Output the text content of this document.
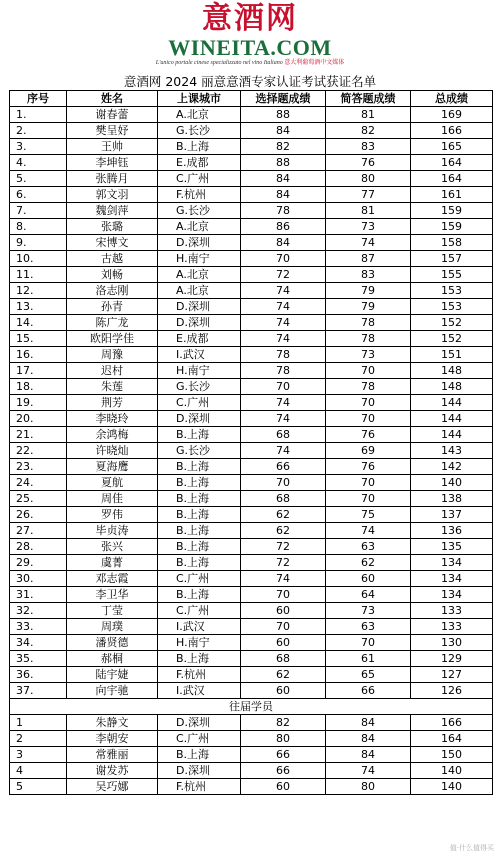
意酒网
WINEITA.COM
L'unico portale cinese specializzato nel vino Italiano 意大利葡萄酒中文媒体
意酒网 2024 丽意意酒专家认证考试获证名单
序号	姓名	上课城市	选择题成绩	简答题成绩	总成绩
1.	谢春蕾	A.北京	88	81	169
2.	樊呈妤	G.长沙	84	82	166
3.	王帅	B.上海	82	83	165
4.	李坤钰	E.成都	88	76	164
5.	张腾月	C.广州	84	80	164
6.	郭文羽	F.杭州	84	77	161
7.	魏剑萍	G.长沙	78	81	159
8.	张璐	A.北京	86	73	159
9.	宋博文	D.深圳	84	74	158
10.	古越	H.南宁	70	87	157
11.	刘畅	A.北京	72	83	155
12.	洛志刚	A.北京	74	79	153
13.	孙青	D.深圳	74	79	153
14.	陈广龙	D.深圳	74	78	152
15.	欧阳学佳	E.成都	74	78	152
16.	周豫	I.武汉	78	73	151
17.	迟村	H.南宁	78	70	148
18.	朱莲	G.长沙	70	78	148
19.	荆芳	C.广州	74	70	144
20.	李晓玲	D.深圳	74	70	144
21.	余鸿梅	B.上海	68	76	144
22.	许晓灿	G.长沙	74	69	143
23.	夏海鹰	B.上海	66	76	142
24.	夏航	B.上海	70	70	140
25.	周佳	B.上海	68	70	138
26.	罗伟	B.上海	62	75	137
27.	毕贞涛	B.上海	62	74	136
28.	张兴	B.上海	72	63	135
29.	虞菁	B.上海	72	62	134
30.	邓志霞	C.广州	74	60	134
31.	李卫华	B.上海	70	64	134
32.	丁莹	C.广州	60	73	133
33.	周璞	I.武汉	70	63	133
34.	潘贤德	H.南宁	60	70	130
35.	郝桐	B.上海	68	61	129
36.	陆宇婕	F.杭州	62	65	127
37.	向宇驰	I.武汉	60	66	126
往届学员					
1	朱静文	D.深圳	82	84	166
2	李朝安	C.广州	80	84	164
3	常雅丽	B.上海	66	84	150
4	谢发苏	D.深圳	66	74	140
5	吴巧娜	F.杭州	60	80	140
值·什么值得买
